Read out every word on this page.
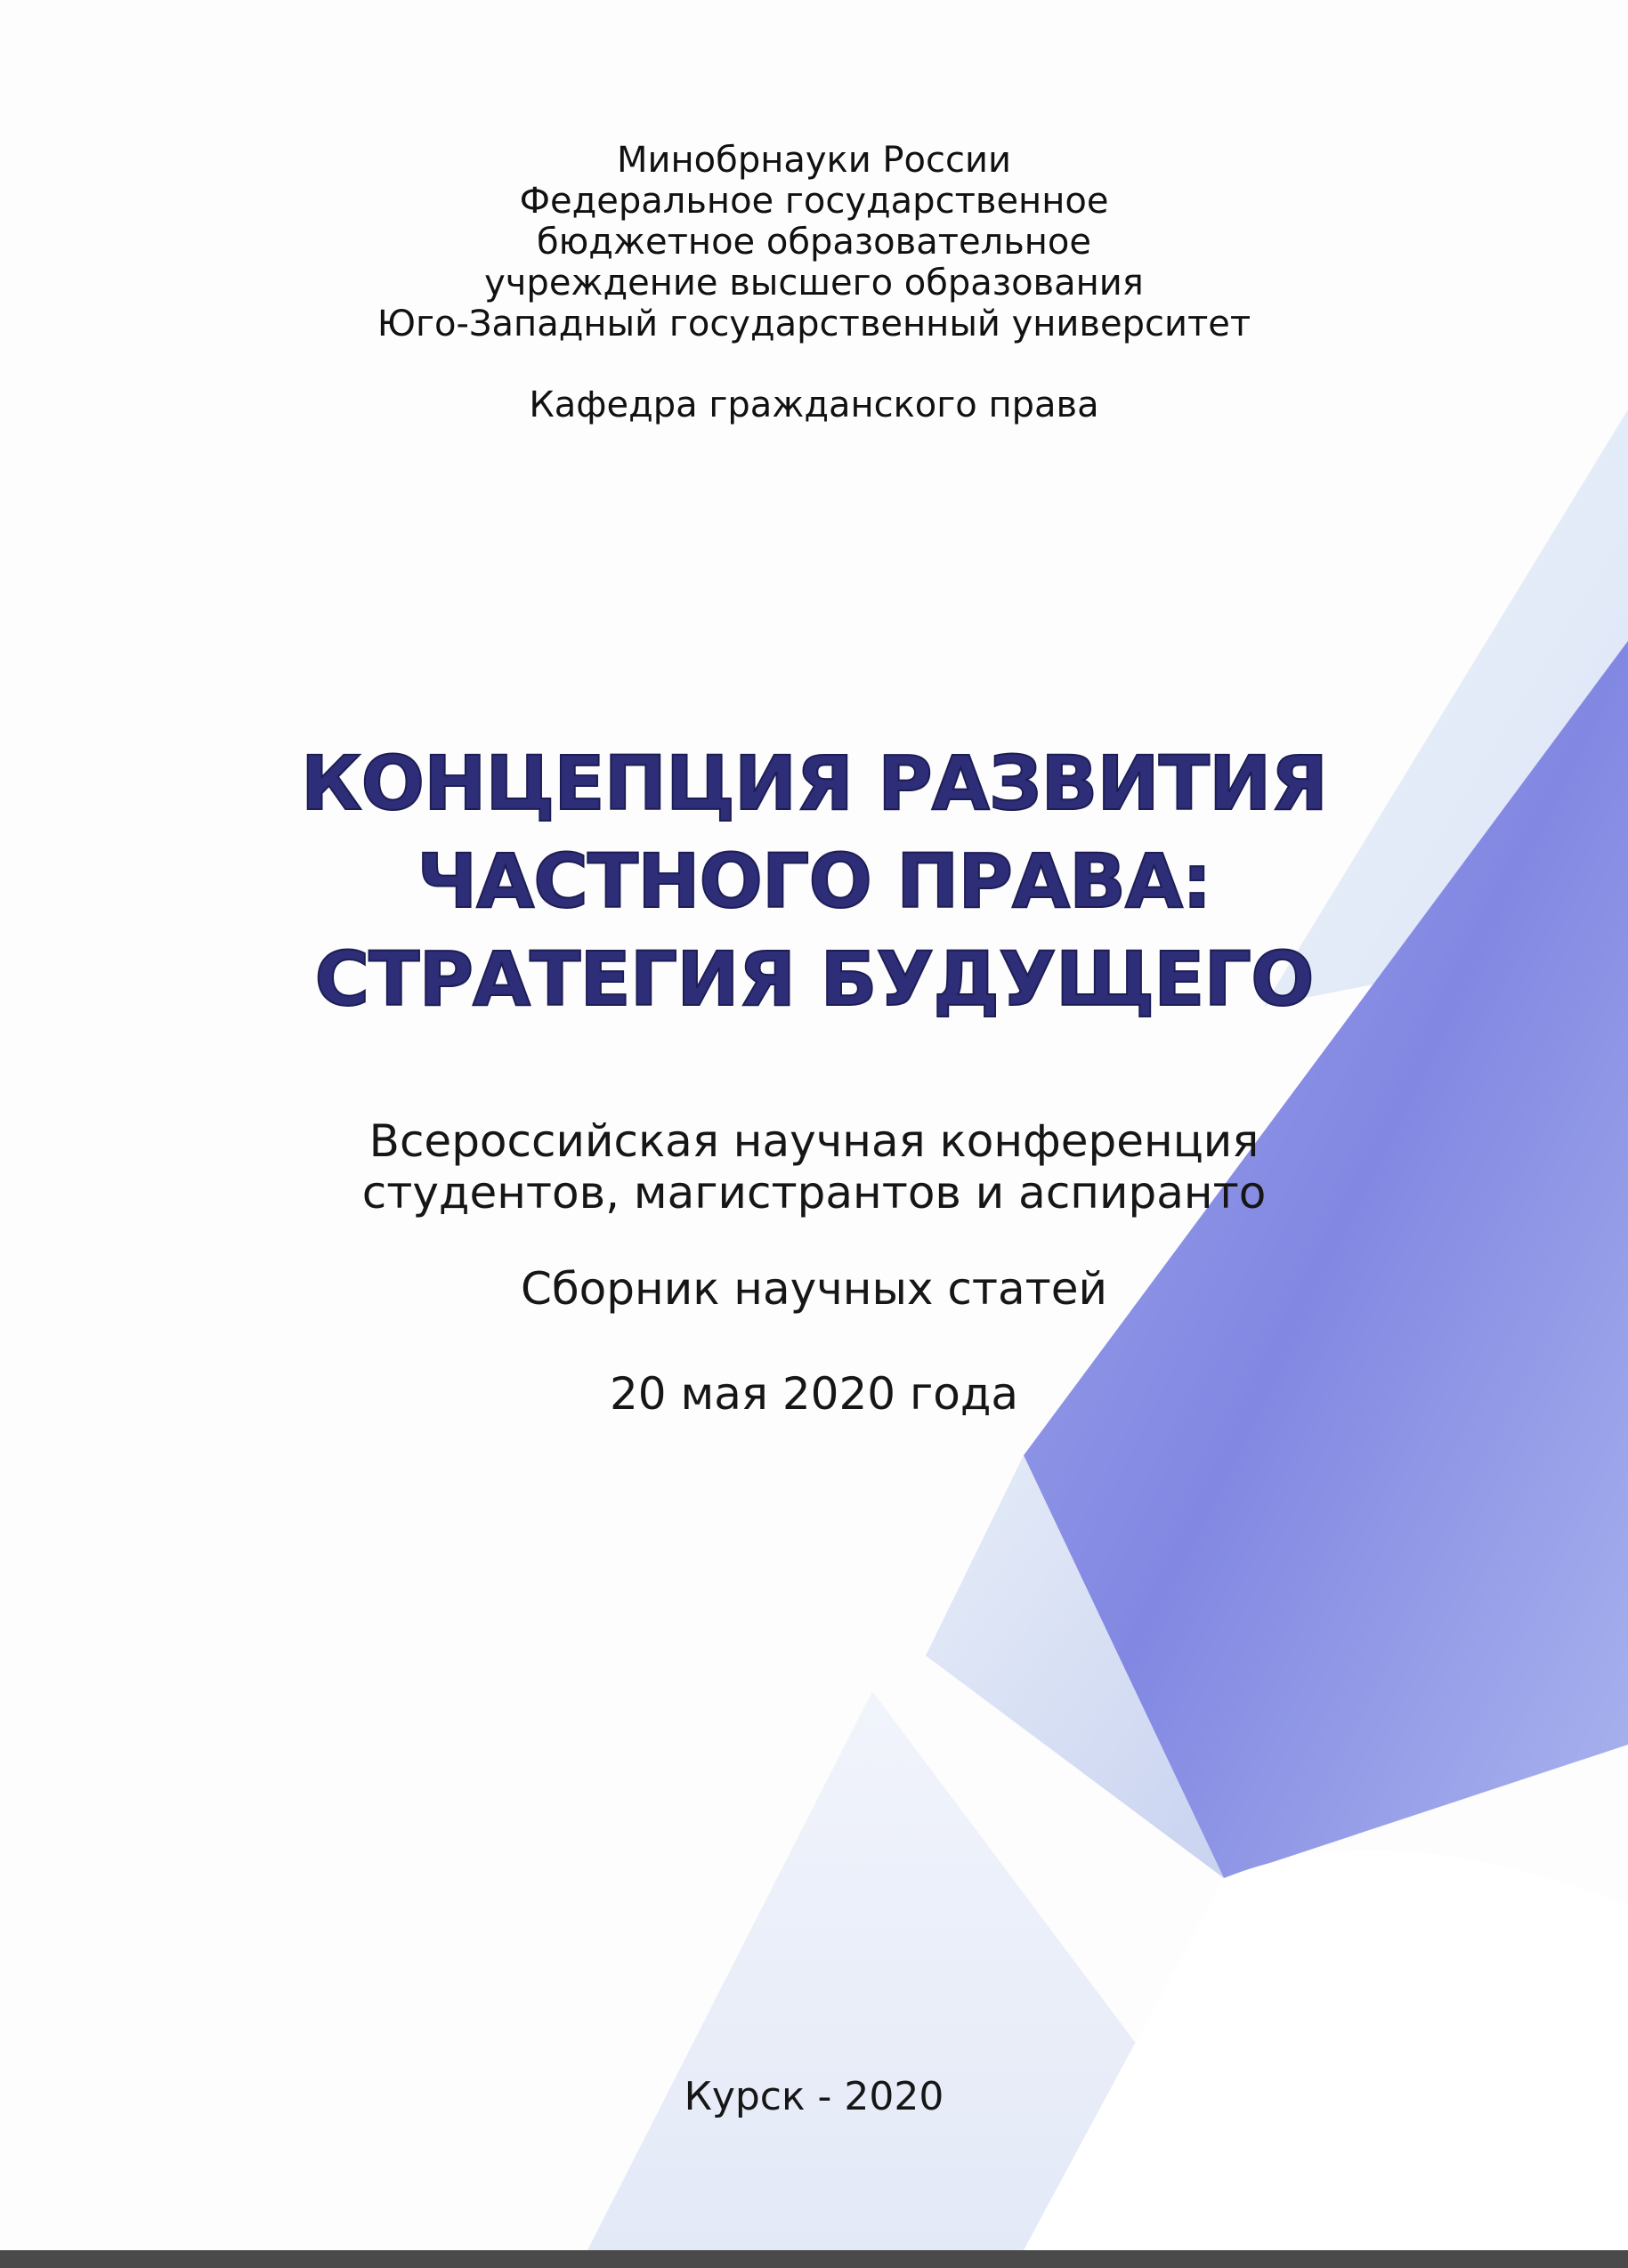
Минобрнауки России

Федеральное государственное

бюджетное образовательное

учреждение высшего образования

Юго-Западный государственный университет

Кафедра гражданского права

КОНЦЕПЦИЯ РАЗВИТИЯ
ЧАСТНОГО ПРАВА:
СТРАТЕГИЯ БУДУЩЕГО

Всероссийская научная конференция

студентов, магистрантов и аспиранто

Сборник научных статей

20 мая 2020 года

Курск - 2020
